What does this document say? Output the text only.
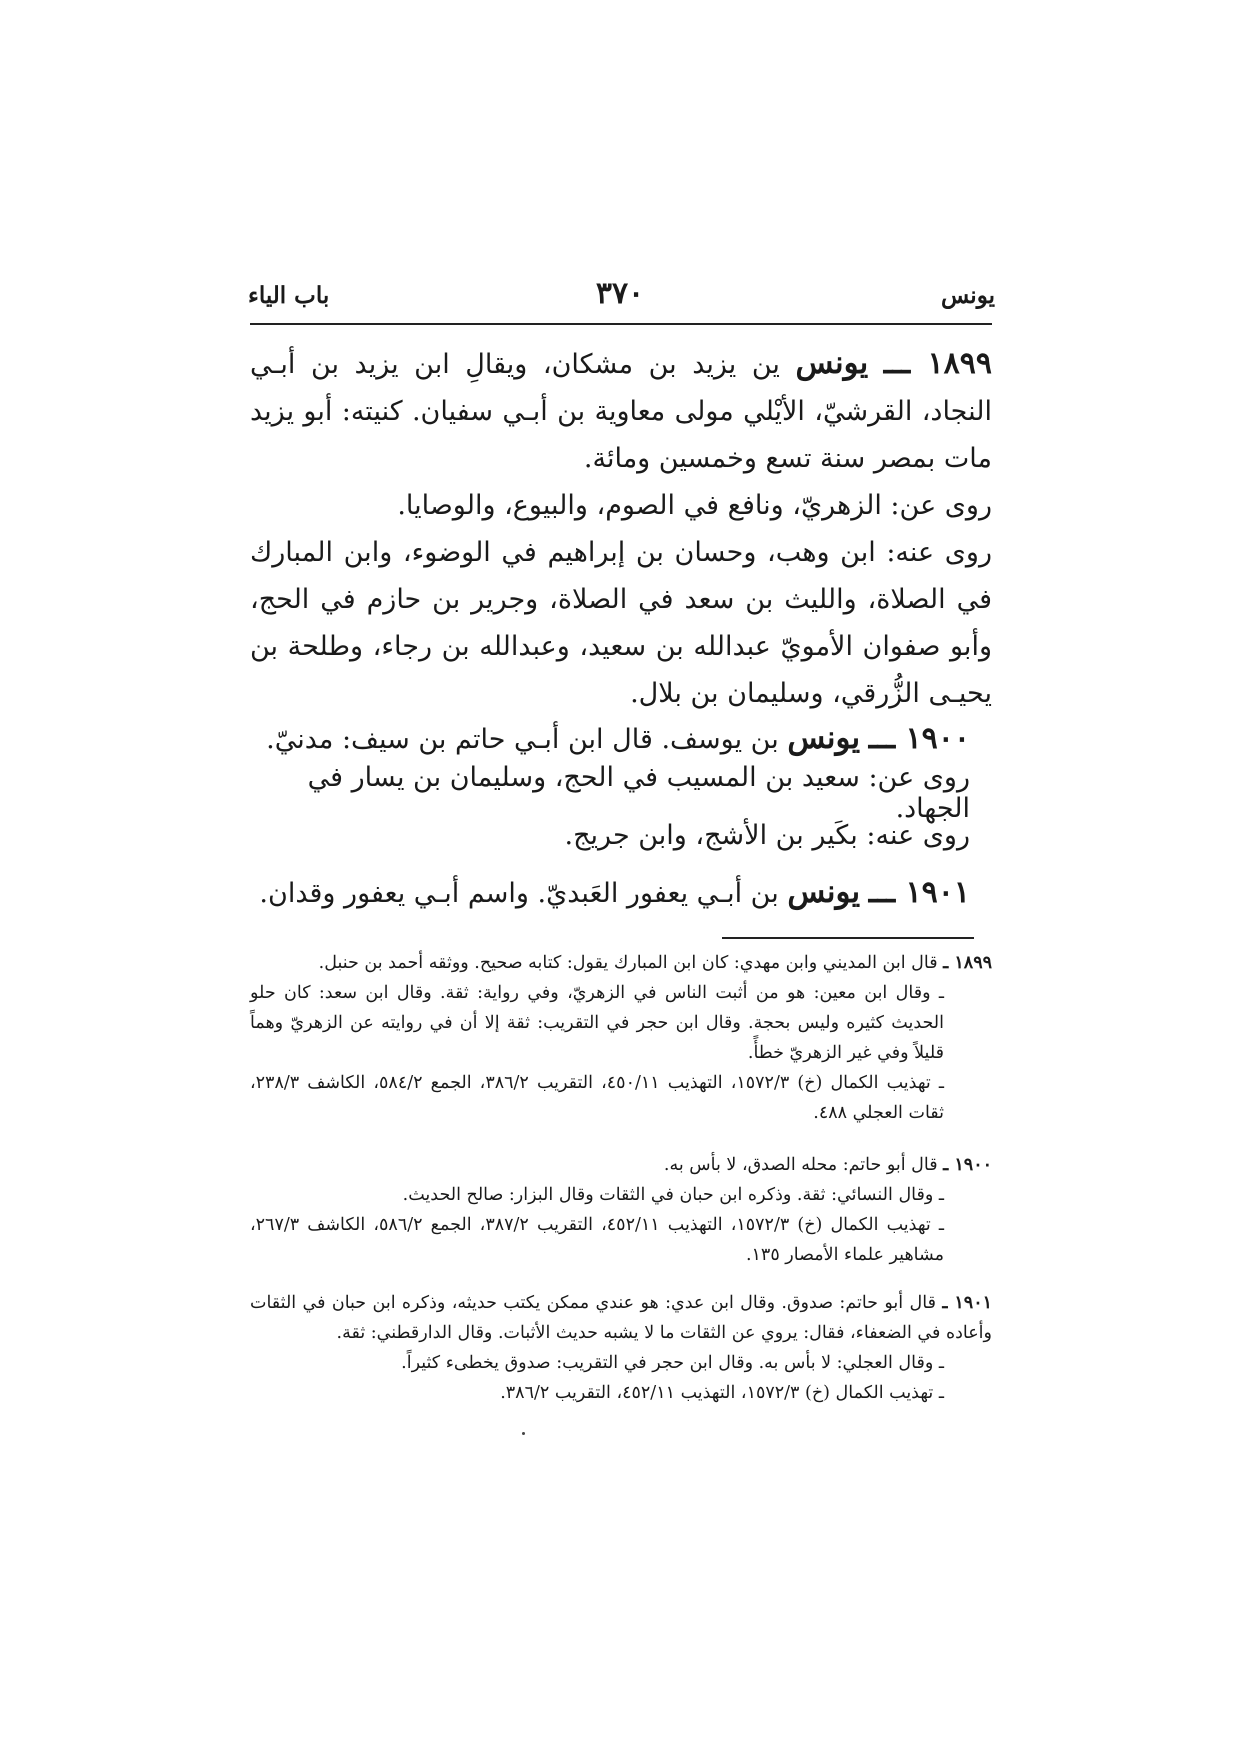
يونس
٣٧٠
باب الياء

١٨٩٩ ـــ يونس ين يزيد بن مشكان، ويقالِ ابن يزيد بن أبـي النجاد، القرشيّ، الأيْلي مولى معاوية بن أبـي سفيان. كنيته: أبو يزيد مات بمصر سنة تسع وخمسين ومائة.

روى عن: الزهريّ، ونافع في الصوم، والبيوع، والوصايا.

روى عنه: ابن وهب، وحسان بن إبراهيم في الوضوء، وابن المبارك في الصلاة، والليث بن سعد في الصلاة، وجرير بن حازم في الحج، وأبو صفوان الأمويّ عبدالله بن سعيد، وعبدالله بن رجاء، وطلحة بن يحيـى الزُّرقي، وسليمان بن بلال.

١٩٠٠ ـــ يونس بن يوسف. قال ابن أبـي حاتم بن سيف: مدنيّ.
روى عن: سعيد بن المسيب في الحج، وسليمان بن يسار في الجهاد.
روى عنه: بكَير بن الأشج، وابن جريج.
١٩٠١ ـــ يونس بن أبـي يعفور العَبديّ. واسم أبـي يعفور وقدان.

١٨٩٩ ـ قال ابن المديني وابن مهدي: كان ابن المبارك يقول: كتابه صحيح. ووثقه أحمد بن حنبل.

ـ وقال ابن معين: هو من أثبت الناس في الزهريّ، وفي رواية: ثقة. وقال ابن سعد: كان حلو الحديث كثيره وليس بحجة. وقال ابن حجر في التقريب: ثقة إلا أن في روايته عن الزهريّ وهماً قليلاً وفي غير الزهريّ خطأً.

ـ تهذيب الكمال (خ) ١٥٧٢/٣، التهذيب ٤٥٠/١١، التقريب ٣٨٦/٢، الجمع ٥٨٤/٢، الكاشف ٢٣٨/٣، ثقات العجلي ٤٨٨.

١٩٠٠ ـ قال أبو حاتم: محله الصدق، لا بأس به.

ـ وقال النسائي: ثقة. وذكره ابن حبان في الثقات وقال البزار: صالح الحديث.

ـ تهذيب الكمال (خ) ١٥٧٢/٣، التهذيب ٤٥٢/١١، التقريب ٣٨٧/٢، الجمع ٥٨٦/٢، الكاشف ٢٦٧/٣، مشاهير علماء الأمصار ١٣٥.

١٩٠١ ـ قال أبو حاتم: صدوق. وقال ابن عدي: هو عندي ممكن يكتب حديثه، وذكره ابن حبان في الثقات وأعاده في الضعفاء، فقال: يروي عن الثقات ما لا يشبه حديث الأثبات. وقال الدارقطني: ثقة.

ـ وقال العجلي: لا بأس به. وقال ابن حجر في التقريب: صدوق يخطىء كثيراً.

ـ تهذيب الكمال (خ) ١٥٧٢/٣، التهذيب ٤٥٢/١١، التقريب ٣٨٦/٢.
